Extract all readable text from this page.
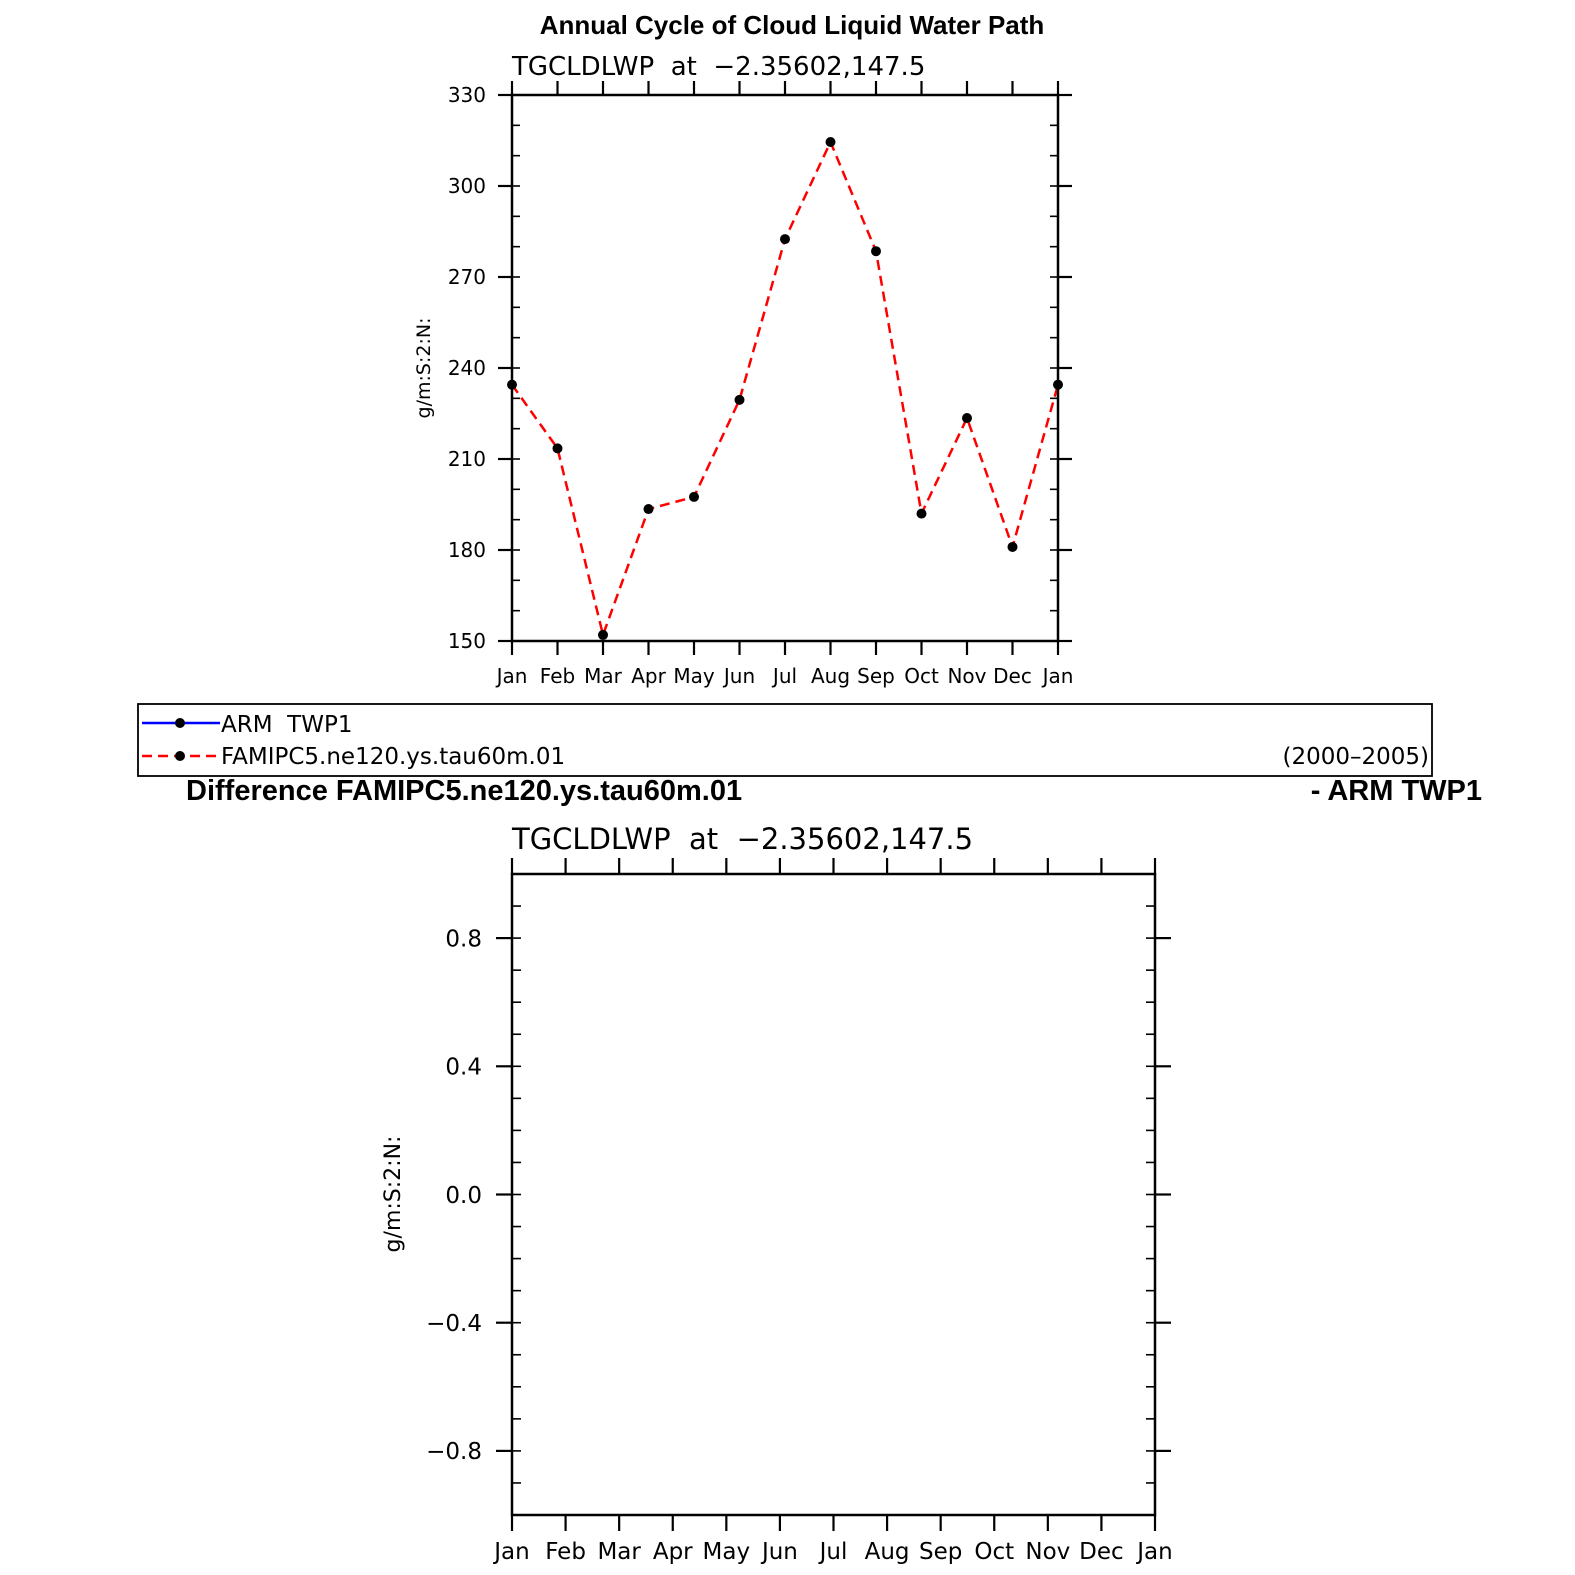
Annual Cycle of Cloud Liquid Water Path
TGCLDLWP  at  −2.35602,147.5
g/m:S:2:N:
150
180
210
240
270
300
330
Jan Feb Mar Apr May Jun Jul Aug Sep Oct Nov Dec Jan
ARM  TWP1
FAMIPC5.ne120.ys.tau60m.01	(2000–2005)
Difference FAMIPC5.ne120.ys.tau60m.01	- ARM TWP1
TGCLDLWP  at  −2.35602,147.5
g/m:S:2:N:
−0.8
−0.4
0.0
0.4
0.8
Jan Feb Mar Apr May Jun Jul Aug Sep Oct Nov Dec Jan
